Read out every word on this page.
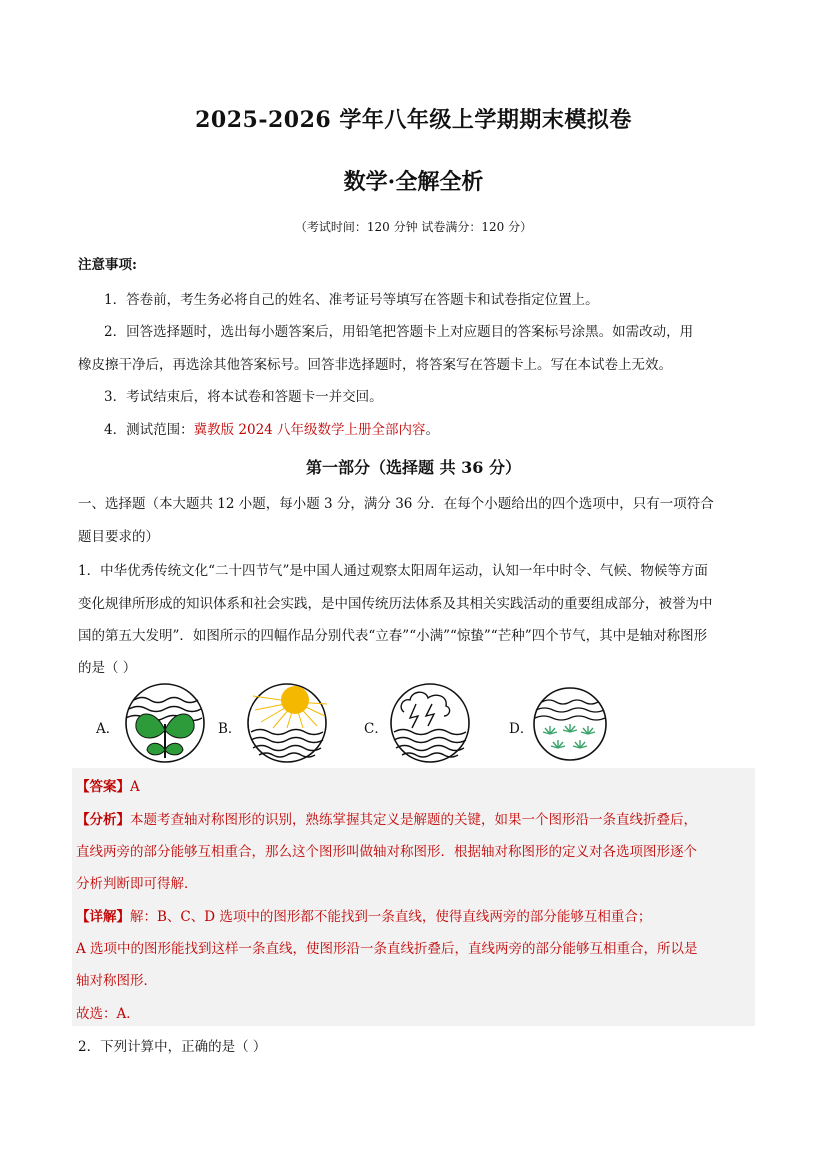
2025-2026 学年八年级上学期期末模拟卷
数学·全解全析
（考试时间：120 分钟 试卷满分：120 分）
注意事项:
1．答卷前，考生务必将自己的姓名、准考证号等填写在答题卡和试卷指定位置上。
2．回答选择题时，选出每小题答案后，用铅笔把答题卡上对应题目的答案标号涂黑。如需改动，用
橡皮擦干净后，再选涂其他答案标号。回答非选择题时，将答案写在答题卡上。写在本试卷上无效。
3．考试结束后，将本试卷和答题卡一并交回。
4．测试范围：冀教版 2024 八年级数学上册全部内容。
第一部分（选择题 共 36 分）
一、选择题（本大题共 12 小题，每小题 3 分，满分 36 分．在每个小题给出的四个选项中，只有一项符合
题目要求的）
1．中华优秀传统文化“二十四节气”是中国人通过观察太阳周年运动，认知一年中时令、气候、物候等方面
变化规律所形成的知识体系和社会实践，是中国传统历法体系及其相关实践活动的重要组成部分，被誉为中
国的第五大发明”．如图所示的四幅作品分别代表“立春”“小满”“惊蛰”“芒种”四个节气，其中是轴对称图形
的是（ ）
A．	B．	C．	D．
【答案】A
【分析】本题考查轴对称图形的识别，熟练掌握其定义是解题的关键，如果一个图形沿一条直线折叠后，
直线两旁的部分能够互相重合，那么这个图形叫做轴对称图形．根据轴对称图形的定义对各选项图形逐个
分析判断即可得解．
【详解】解：B、C、D 选项中的图形都不能找到一条直线，使得直线两旁的部分能够互相重合；
A 选项中的图形能找到这样一条直线，使图形沿一条直线折叠后，直线两旁的部分能够互相重合，所以是
轴对称图形．
故选：A．
2．下列计算中，正确的是（ ）
